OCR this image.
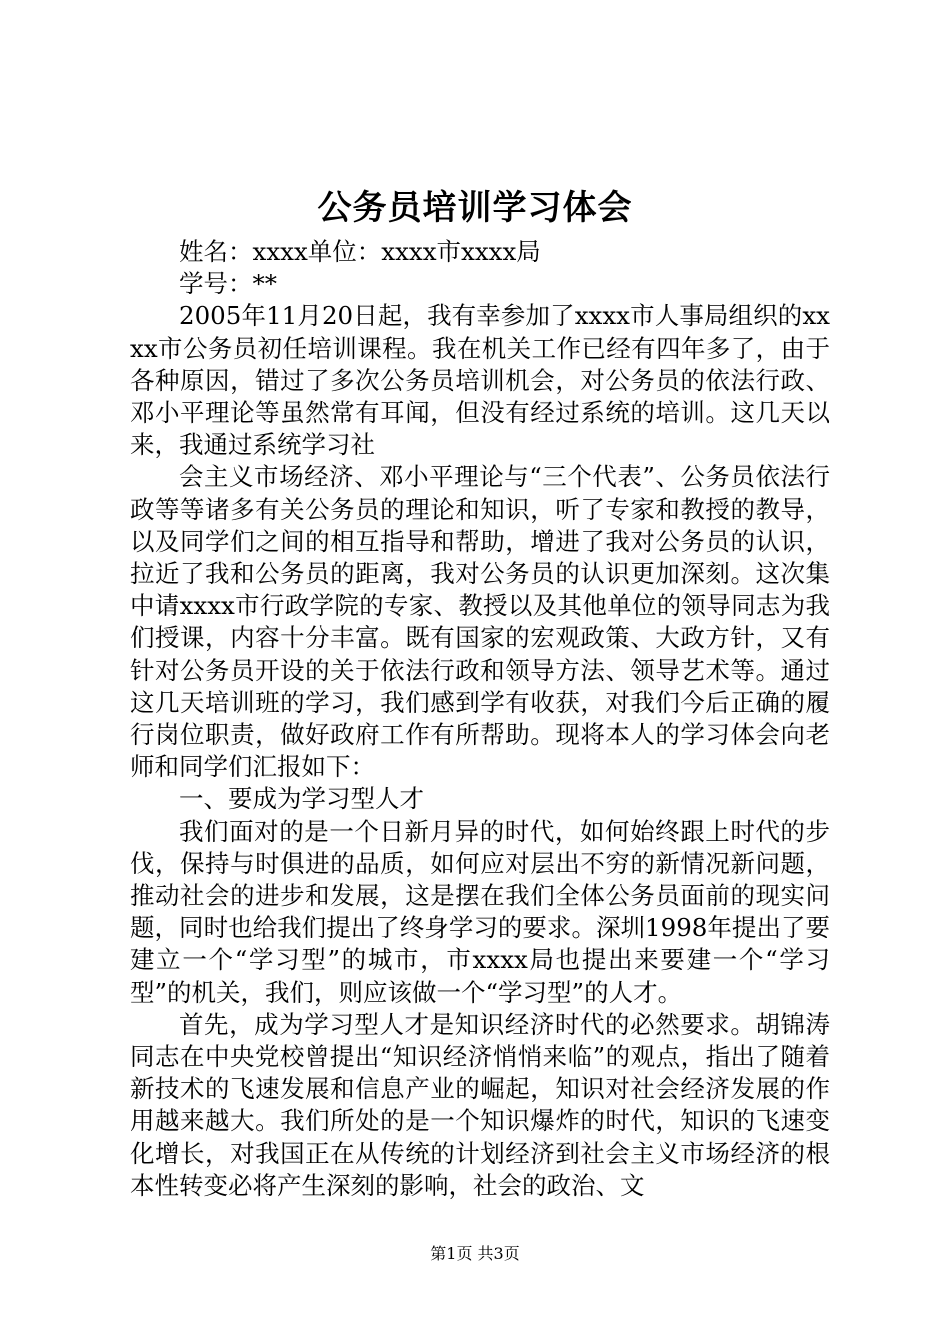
公务员培训学习体会

姓名：xxxx单位：xxxx市xxxx局

学号：**

2005年11月20日起，我有幸参加了xxxx市人事局组织的xxxx市公务员初任培训课程。我在机关工作已经有四年多了，由于各种原因，错过了多次公务员培训机会，对公务员的依法行政、邓小平理论等虽然常有耳闻，但没有经过系统的培训。这几天以来，我通过系统学习社

会主义市场经济、邓小平理论与“三个代表”、公务员依法行政等等诸多有关公务员的理论和知识，听了专家和教授的教导，以及同学们之间的相互指导和帮助，增进了我对公务员的认识，拉近了我和公务员的距离，我对公务员的认识更加深刻。这次集中请xxxx市行政学院的专家、教授以及其他单位的领导同志为我们授课，内容十分丰富。既有国家的宏观政策、大政方针，又有针对公务员开设的关于依法行政和领导方法、领导艺术等。通过这几天培训班的学习，我们感到学有收获，对我们今后正确的履行岗位职责，做好政府工作有所帮助。现将本人的学习体会向老师和同学们汇报如下：

一、要成为学习型人才

我们面对的是一个日新月异的时代，如何始终跟上时代的步伐，保持与时俱进的品质，如何应对层出不穷的新情况新问题，推动社会的进步和发展，这是摆在我们全体公务员面前的现实问题，同时也给我们提出了终身学习的要求。深圳1998年提出了要建立一个“学习型”的城市，市xxxx局也提出来要建一个“学习型”的机关，我们，则应该做一个“学习型”的人才。

首先，成为学习型人才是知识经济时代的必然要求。胡锦涛同志在中央党校曾提出“知识经济悄悄来临”的观点，指出了随着新技术的飞速发展和信息产业的崛起，知识对社会经济发展的作用越来越大。我们所处的是一个知识爆炸的时代，知识的飞速变化增长，对我国正在从传统的计划经济到社会主义市场经济的根本性转变必将产生深刻的影响，社会的政治、文

第1页 共3页
